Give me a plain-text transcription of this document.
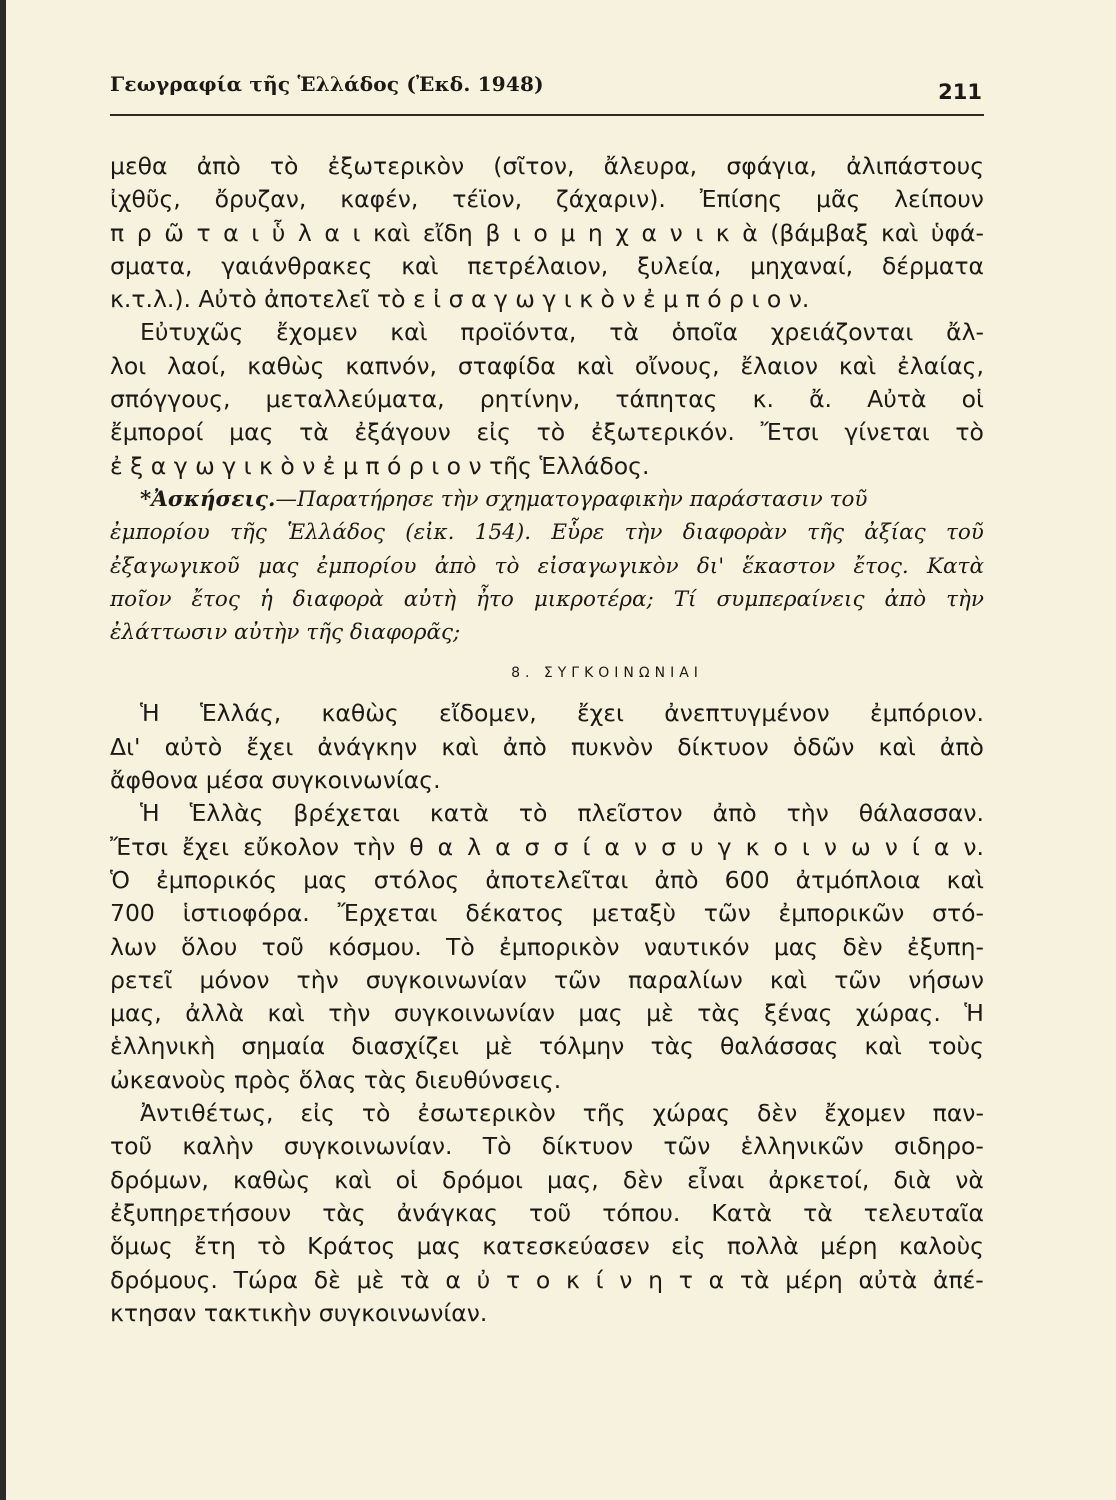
Γεωγραφία τῆς Ἑλλάδος (Ἐκδ. 1948)	211
μεθα ἀπὸ τὸ ἐξωτερικὸν (σῖτον, ἄλευρα, σφάγια, ἀλιπάστους
ἰχθῦς, ὄρυζαν, καφέν, τέϊον, ζάχαριν). Ἐπίσης μᾶς λείπουν
π ρ ῶ τ α ι ὗ λ α ι καὶ εἴδη β ι ο μ η χ α ν ι κ ὰ (βάμβαξ καὶ ὑφά-
σματα, γαιάνθρακες καὶ πετρέλαιον, ξυλεία, μηχαναί, δέρματα
κ.τ.λ.). Αὐτὸ ἀποτελεῖ τὸ ε ἰ σ α γ ω γ ι κ ὸ ν ἐ μ π ό ρ ι ο ν.
Εὐτυχῶς ἔχομεν καὶ προϊόντα, τὰ ὁποῖα χρειάζονται ἄλ-
λοι λαοί, καθὼς καπνόν, σταφίδα καὶ οἴνους, ἔλαιον καὶ ἐλαίας,
σπόγγους, μεταλλεύματα, ρητίνην, τάπητας κ. ἄ. Αὐτὰ οἱ
ἔμποροί μας τὰ ἐξάγουν εἰς τὸ ἐξωτερικόν. Ἔτσι γίνεται τὸ
ἐ ξ α γ ω γ ι κ ὸ ν ἐ μ π ό ρ ι ο ν τῆς Ἑλλάδος.
*Ἀσκήσεις. —Παρατήρησε τὴν σχηματογραφικὴν παράστασιν τοῦ
ἐμπορίου τῆς Ἑλλάδος (εἰκ. 154). Εὗρε τὴν διαφορὰν τῆς ἀξίας τοῦ
ἐξαγωγικοῦ μας ἐμπορίου ἀπὸ τὸ εἰσαγωγικὸν δι' ἕκαστον ἔτος. Κατὰ
ποῖον ἔτος ἡ διαφορὰ αὐτὴ ἦτο μικροτέρα; Τί συμπεραίνεις ἀπὸ τὴν
ἐλάττωσιν αὐτὴν τῆς διαφορᾶς;
8. ΣΥΓΚΟΙΝΩΝΙΑΙ
Ἡ Ἑλλάς, καθὼς εἴδομεν, ἔχει ἀνεπτυγμένον ἐμπόριον.
Δι' αὐτὸ ἔχει ἀνάγκην καὶ ἀπὸ πυκνὸν δίκτυον ὁδῶν καὶ ἀπὸ
ἄφθονα μέσα συγκοινωνίας.
Ἡ Ἑλλὰς βρέχεται κατὰ τὸ πλεῖστον ἀπὸ τὴν θάλασσαν.
Ἔτσι ἔχει εὔκολον τὴν θ α λ α σ σ ί α ν σ υ γ κ ο ι ν ω ν ί α ν.
Ὁ ἐμπορικός μας στόλος ἀποτελεῖται ἀπὸ 600 ἀτμόπλοια καὶ
700 ἱστιοφόρα. Ἔρχεται δέκατος μεταξὺ τῶν ἐμπορικῶν στό-
λων ὅλου τοῦ κόσμου. Τὸ ἐμπορικὸν ναυτικόν μας δὲν ἐξυπη-
ρετεῖ μόνον τὴν συγκοινωνίαν τῶν παραλίων καὶ τῶν νήσων
μας, ἀλλὰ καὶ τὴν συγκοινωνίαν μας μὲ τὰς ξένας χώρας. Ἡ
ἑλληνικὴ σημαία διασχίζει μὲ τόλμην τὰς θαλάσσας καὶ τοὺς
ὠκεανοὺς πρὸς ὅλας τὰς διευθύνσεις.
Ἀντιθέτως, εἰς τὸ ἐσωτερικὸν τῆς χώρας δὲν ἔχομεν παν-
τοῦ καλὴν συγκοινωνίαν. Τὸ δίκτυον τῶν ἑλληνικῶν σιδηρο-
δρόμων, καθὼς καὶ οἱ δρόμοι μας, δὲν εἶναι ἀρκετοί, διὰ νὰ
ἐξυπηρετήσουν τὰς ἀνάγκας τοῦ τόπου. Κατὰ τὰ τελευταῖα
ὅμως ἔτη τὸ Κράτος μας κατεσκεύασεν εἰς πολλὰ μέρη καλοὺς
δρόμους. Τώρα δὲ μὲ τὰ α ὐ τ ο κ ί ν η τ α τὰ μέρη αὐτὰ ἀπέ-
κτησαν τακτικὴν συγκοινωνίαν.
